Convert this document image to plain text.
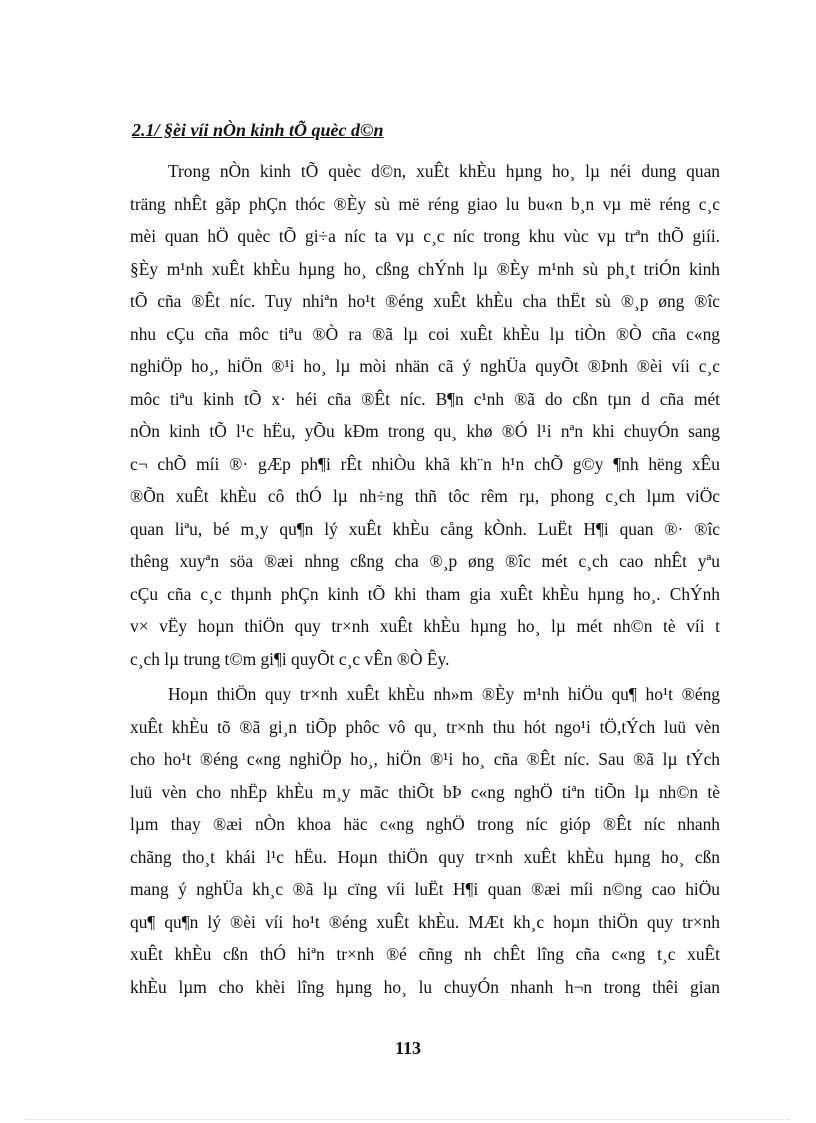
2.1/ §èi víi nÒn kinh tÕ quèc d©n
Trong nÒn kinh tÕ quèc d©n, xuÊt khÈu hµng ho¸ lµ néi dung quan
träng nhÊt gãp phÇn thóc ®Èy sù më réng giao lu bu«n b¸n vµ më réng c¸c
mèi quan hÖ quèc tÕ gi÷a níc ta vµ c¸c níc trong khu vùc vµ trªn thÕ giíi.
§Èy m¹nh xuÊt khÈu hµng ho¸ cßng chÝnh lµ ®Èy m¹nh sù ph¸t triÓn kinh
tÕ cña ®Êt níc. Tuy nhiªn ho¹t ®éng xuÊt khÈu cha thËt sù ®¸p øng ®îc
nhu cÇu cña môc tiªu ®Ò ra ®ã lµ coi xuÊt khÈu lµ tiÒn ®Ò cña c«ng
nghiÖp ho¸, hiÖn ®¹i ho¸ lµ mòi nhän cã ý nghÜa quyÕt ®Þnh ®èi víi c¸c
môc tiªu kinh tÕ x· héi cña ®Êt níc. B¶n c¹nh ®ã do cßn tµn d cña mét
nÒn kinh tÕ l¹c hËu, yÕu kÐm trong qu¸ khø ®Ó l¹i nªn khi chuyÓn sang
c¬ chÕ míi ®· gÆp ph¶i rÊt nhiÒu khã kh¨n h¹n chÕ g©y ¶nh hëng xÊu
®Õn xuÊt khÈu cô thÓ lµ nh÷ng thñ tôc rêm rµ, phong c¸ch lµm viÖc
quan liªu, bé m¸y qu¶n lý xuÊt khÈu cång kÒnh. LuËt H¶i quan ®· ®îc
thêng xuyªn söa ®æi nhng cßng cha ®¸p øng ®îc mét c¸ch cao nhÊt yªu
cÇu cña c¸c thµnh phÇn kinh tÕ khi tham gia xuÊt khÈu hµng ho¸. ChÝnh
v× vËy hoµn thiÖn quy tr×nh xuÊt khÈu hµng ho¸ lµ mét nh©n tè víi t
c¸ch lµ trung t©m gi¶i quyÕt c¸c vÊn ®Ò Êy.
Hoµn thiÖn quy tr×nh xuÊt khÈu nh»m ®Èy m¹nh hiÖu qu¶ ho¹t ®éng
xuÊt khÈu tõ ®ã gi¸n tiÕp phôc vô qu¸ tr×nh thu hót ngo¹i tÖ,tÝch luü vèn
cho ho¹t ®éng c«ng nghiÖp ho¸, hiÖn ®¹i ho¸ cña ®Êt níc. Sau ®ã lµ tÝch
luü vèn cho nhËp khÈu m¸y mãc thiÕt bÞ c«ng nghÖ tiªn tiÕn lµ nh©n tè
lµm thay ®æi nÒn khoa häc c«ng nghÖ trong níc gióp ®Êt níc nhanh
chãng tho¸t khái l¹c hËu. Hoµn thiÖn quy tr×nh xuÊt khÈu hµng ho¸ cßn
mang ý nghÜa kh¸c ®ã lµ cïng víi luËt H¶i quan ®æi míi n©ng cao hiÖu
qu¶ qu¶n lý ®èi víi ho¹t ®éng xuÊt khÈu. MÆt kh¸c hoµn thiÖn quy tr×nh
xuÊt khÈu cßn thÓ hiªn tr×nh ®é cñng nh chÊt lîng cña c«ng t¸c xuÊt
khÈu lµm cho khèi lîng hµng ho¸ lu chuyÓn nhanh h¬n trong thêi gian
113
